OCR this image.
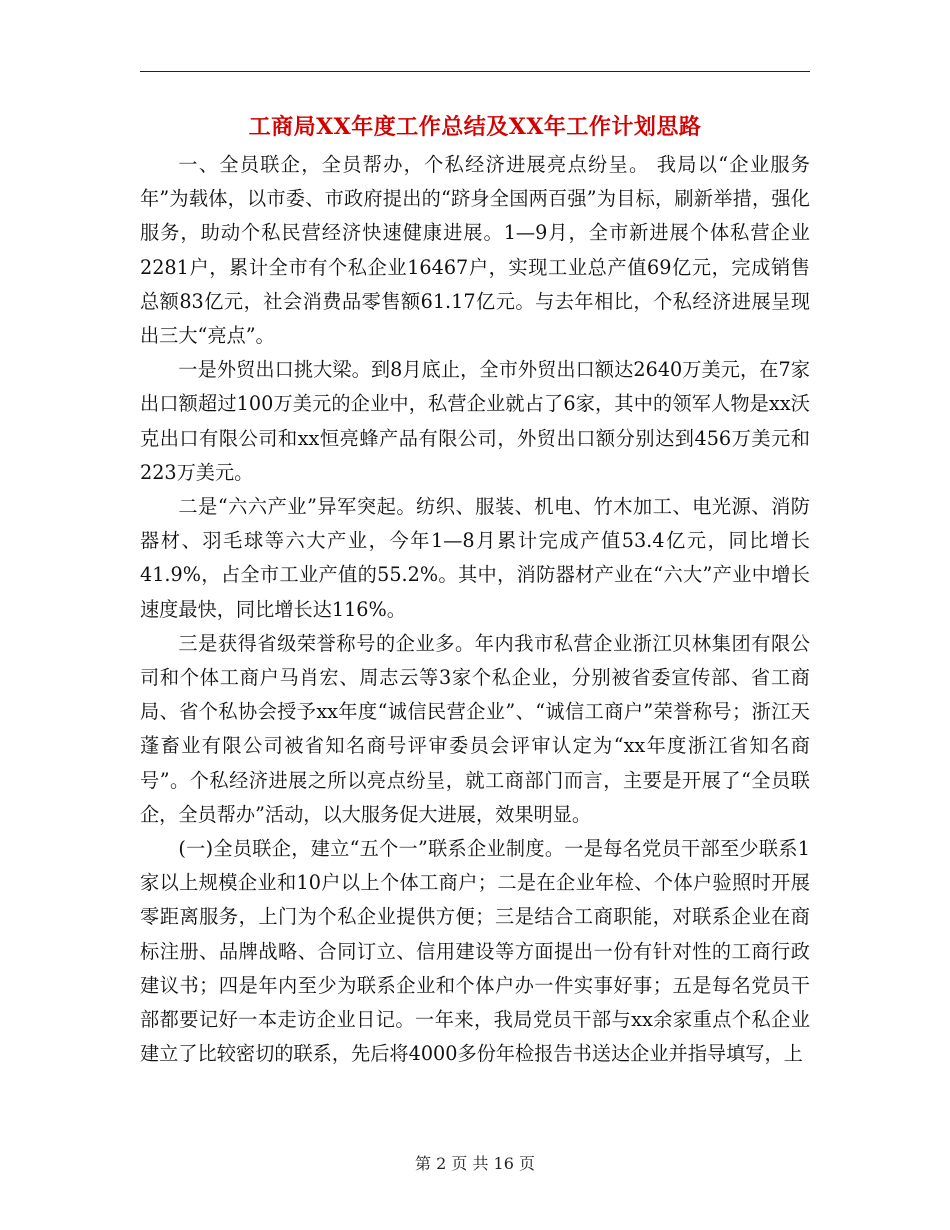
工商局XX年度工作总结及XX年工作计划思路

一、全员联企，全员帮办，个私经济进展亮点纷呈。 我局以“企业服务年”为载体，以市委、市政府提出的“跻身全国两百强”为目标，刷新举措，强化服务，助动个私民营经济快速健康进展。1—9月，全市新进展个体私营企业2281户，累计全市有个私企业16467户，实现工业总产值69亿元，完成销售总额83亿元，社会消费品零售额61.17亿元。与去年相比，个私经济进展呈现出三大“亮点”。

一是外贸出口挑大梁。到8月底止，全市外贸出口额达2640万美元，在7家出口额超过100万美元的企业中，私营企业就占了6家，其中的领军人物是xx沃克出口有限公司和xx恒亮蜂产品有限公司，外贸出口额分别达到456万美元和223万美元。

二是“六六产业”异军突起。纺织、服装、机电、竹木加工、电光源、消防器材、羽毛球等六大产业，今年1—8月累计完成产值53.4亿元，同比增长41.9%，占全市工业产值的55.2%。其中，消防器材产业在“六大”产业中增长速度最快，同比增长达116%。

三是获得省级荣誉称号的企业多。年内我市私营企业浙江贝林集团有限公司和个体工商户马肖宏、周志云等3家个私企业，分别被省委宣传部、省工商局、省个私协会授予xx年度“诚信民营企业”、“诚信工商户”荣誉称号；浙江天蓬畜业有限公司被省知名商号评审委员会评审认定为“xx年度浙江省知名商号”。个私经济进展之所以亮点纷呈，就工商部门而言，主要是开展了“全员联企，全员帮办”活动，以大服务促大进展，效果明显。

(一)全员联企，建立“五个一”联系企业制度。一是每名党员干部至少联系1家以上规模企业和10户以上个体工商户；二是在企业年检、个体户验照时开展零距离服务，上门为个私企业提供方便；三是结合工商职能，对联系企业在商标注册、品牌战略、合同订立、信用建设等方面提出一份有针对性的工商行政建议书；四是年内至少为联系企业和个体户办一件实事好事；五是每名党员干部都要记好一本走访企业日记。一年来，我局党员干部与xx余家重点个私企业建立了比较密切的联系，先后将4000多份年检报告书送达企业并指导填写，上

第 2 页 共 16 页
